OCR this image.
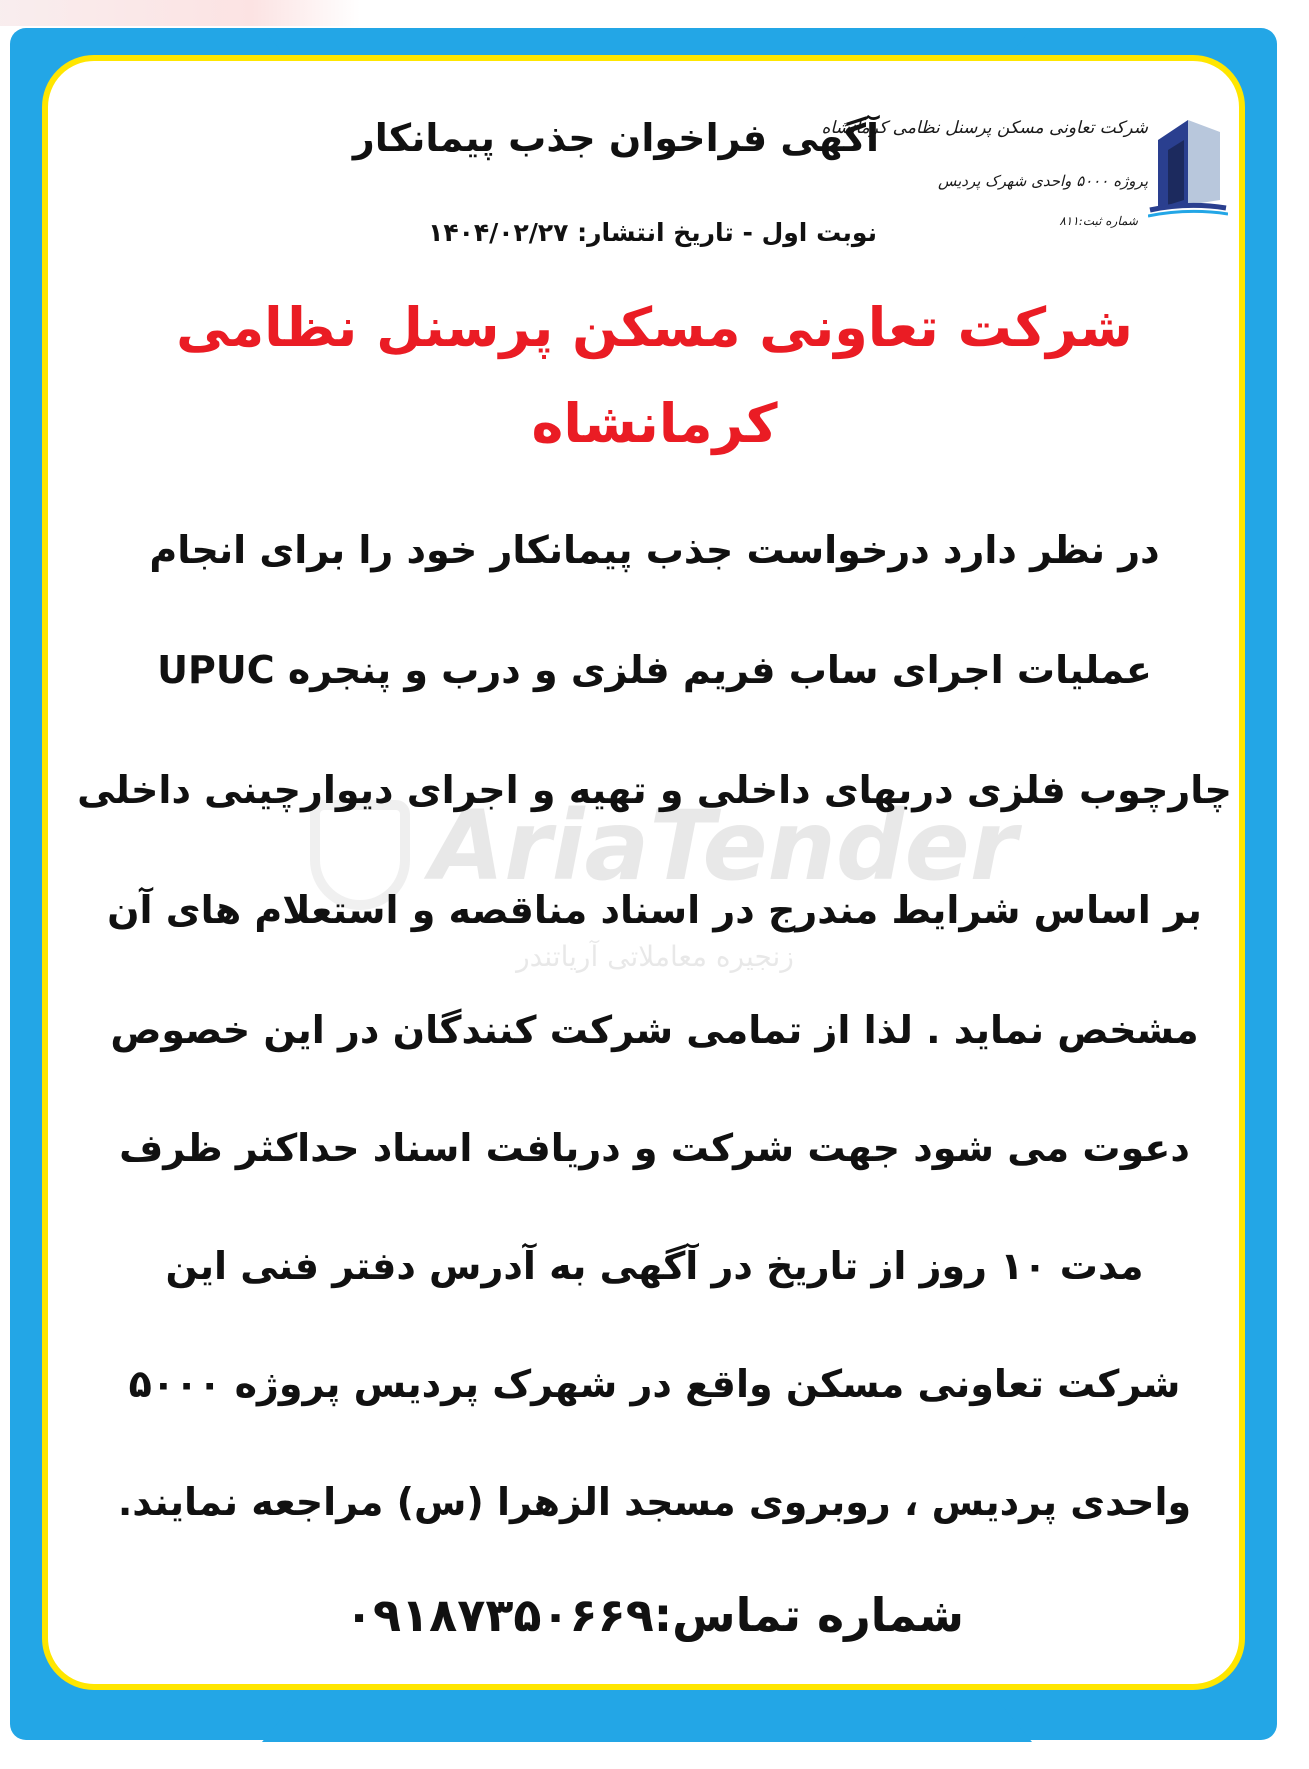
AriaTender
زنجیره معاملاتی آریاتندر
شرکت تعاونی مسکن پرسنل نظامی کرمانشاه
پروژه ۵۰۰۰ واحدی شهرک پردیس
شماره ثبت:۸۱۱
آگهی فراخوان جذب پیمانکار
نوبت اول - تاریخ انتشار: ۱۴۰۴/۰۲/۲۷
شرکت تعاونی مسکن پرسنل نظامی
کرمانشاه
در نظر دارد درخواست جذب پیمانکار خود را برای انجام
عملیات اجرای ساب فریم فلزی و درب و پنجره UPUC
چارچوب فلزی دربهای داخلی و تهیه و اجرای دیوارچینی داخلی
بر اساس شرایط مندرج در اسناد مناقصه و استعلام های آن
مشخص نماید . لذا از تمامی شرکت کنندگان در این خصوص
دعوت می شود جهت شرکت و دریافت اسناد حداکثر ظرف
مدت ۱۰ روز از تاریخ در آگهی به آدرس دفتر فنی این
شرکت تعاونی مسکن واقع در شهرک پردیس پروژه ۵۰۰۰
واحدی پردیس ، روبروی مسجد الزهرا (س) مراجعه نمایند.
شماره تماس:۰۹۱۸۷۳۵۰۶۶۹
